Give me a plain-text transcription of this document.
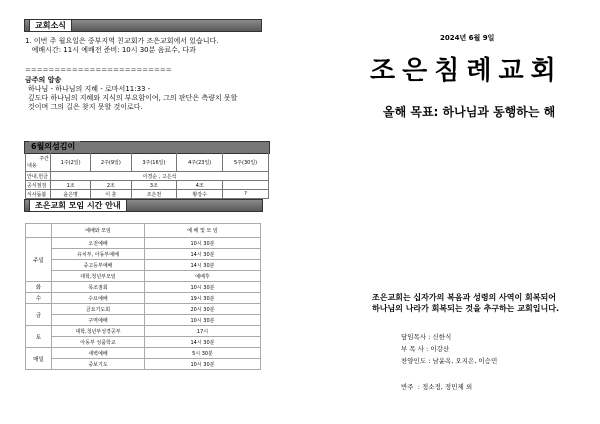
교회소식
1. 이번 주 월요일은 중부지역 친교회가 조은교회에서 있습니다.
예배시간: 11시 예배전 준비: 10시 30분 음료수, 다과
=========================
금주의 암송
하나님 - 하나님의 지혜 - 로마서11:33 -
깊도다 하나님의 지혜와 지식의 부요함이여, 그의 판단은 측량치 못할
것이며 그의 길은 찾지 못할 것이로다.
6월의섬김이
주간
내용	1주(2일)	2주(9일)	3주(16일)	4주(23일)	5주(30일)
안내,헌금	이경순 , 고은석				
공식점검	1조	2조	3조	4조	
식사돕봄	윤은명	이 훈	조은천	황강수	?
조은교회 모임 시간 안내
	예배와 모임	예 배 및 모 임
주일	오전예배	10시 30분
	유치부, 아동부예배	14시 30분
	중고등부예배	14시 30분
	대학,청년부모임	예배후
화	목조점회	10시 30분
수	수요예배	19시 30분
금	금요기도회	20시 30분
	구역예배	10시 30분
토	대학,청년부성경공부	17시
	아동부 성품학교	14시 30분
매일	새벽예배	5시 30분
	중보기도	10시 30분
2024년 6월 9일
조은침례교회
올해 목표: 하나님과 동행하는 해
조은교회는 십자가의 복음과 성령의 사역이 회복되어
하나님의 나라가 회복되는 것을 추구하는 교회입니다.
담임목사 : 신한식
부 목 사 : 이강산
찬양인도 : 남윤옥, 오지은, 이승민
반주  : 정소정, 정민제 외
